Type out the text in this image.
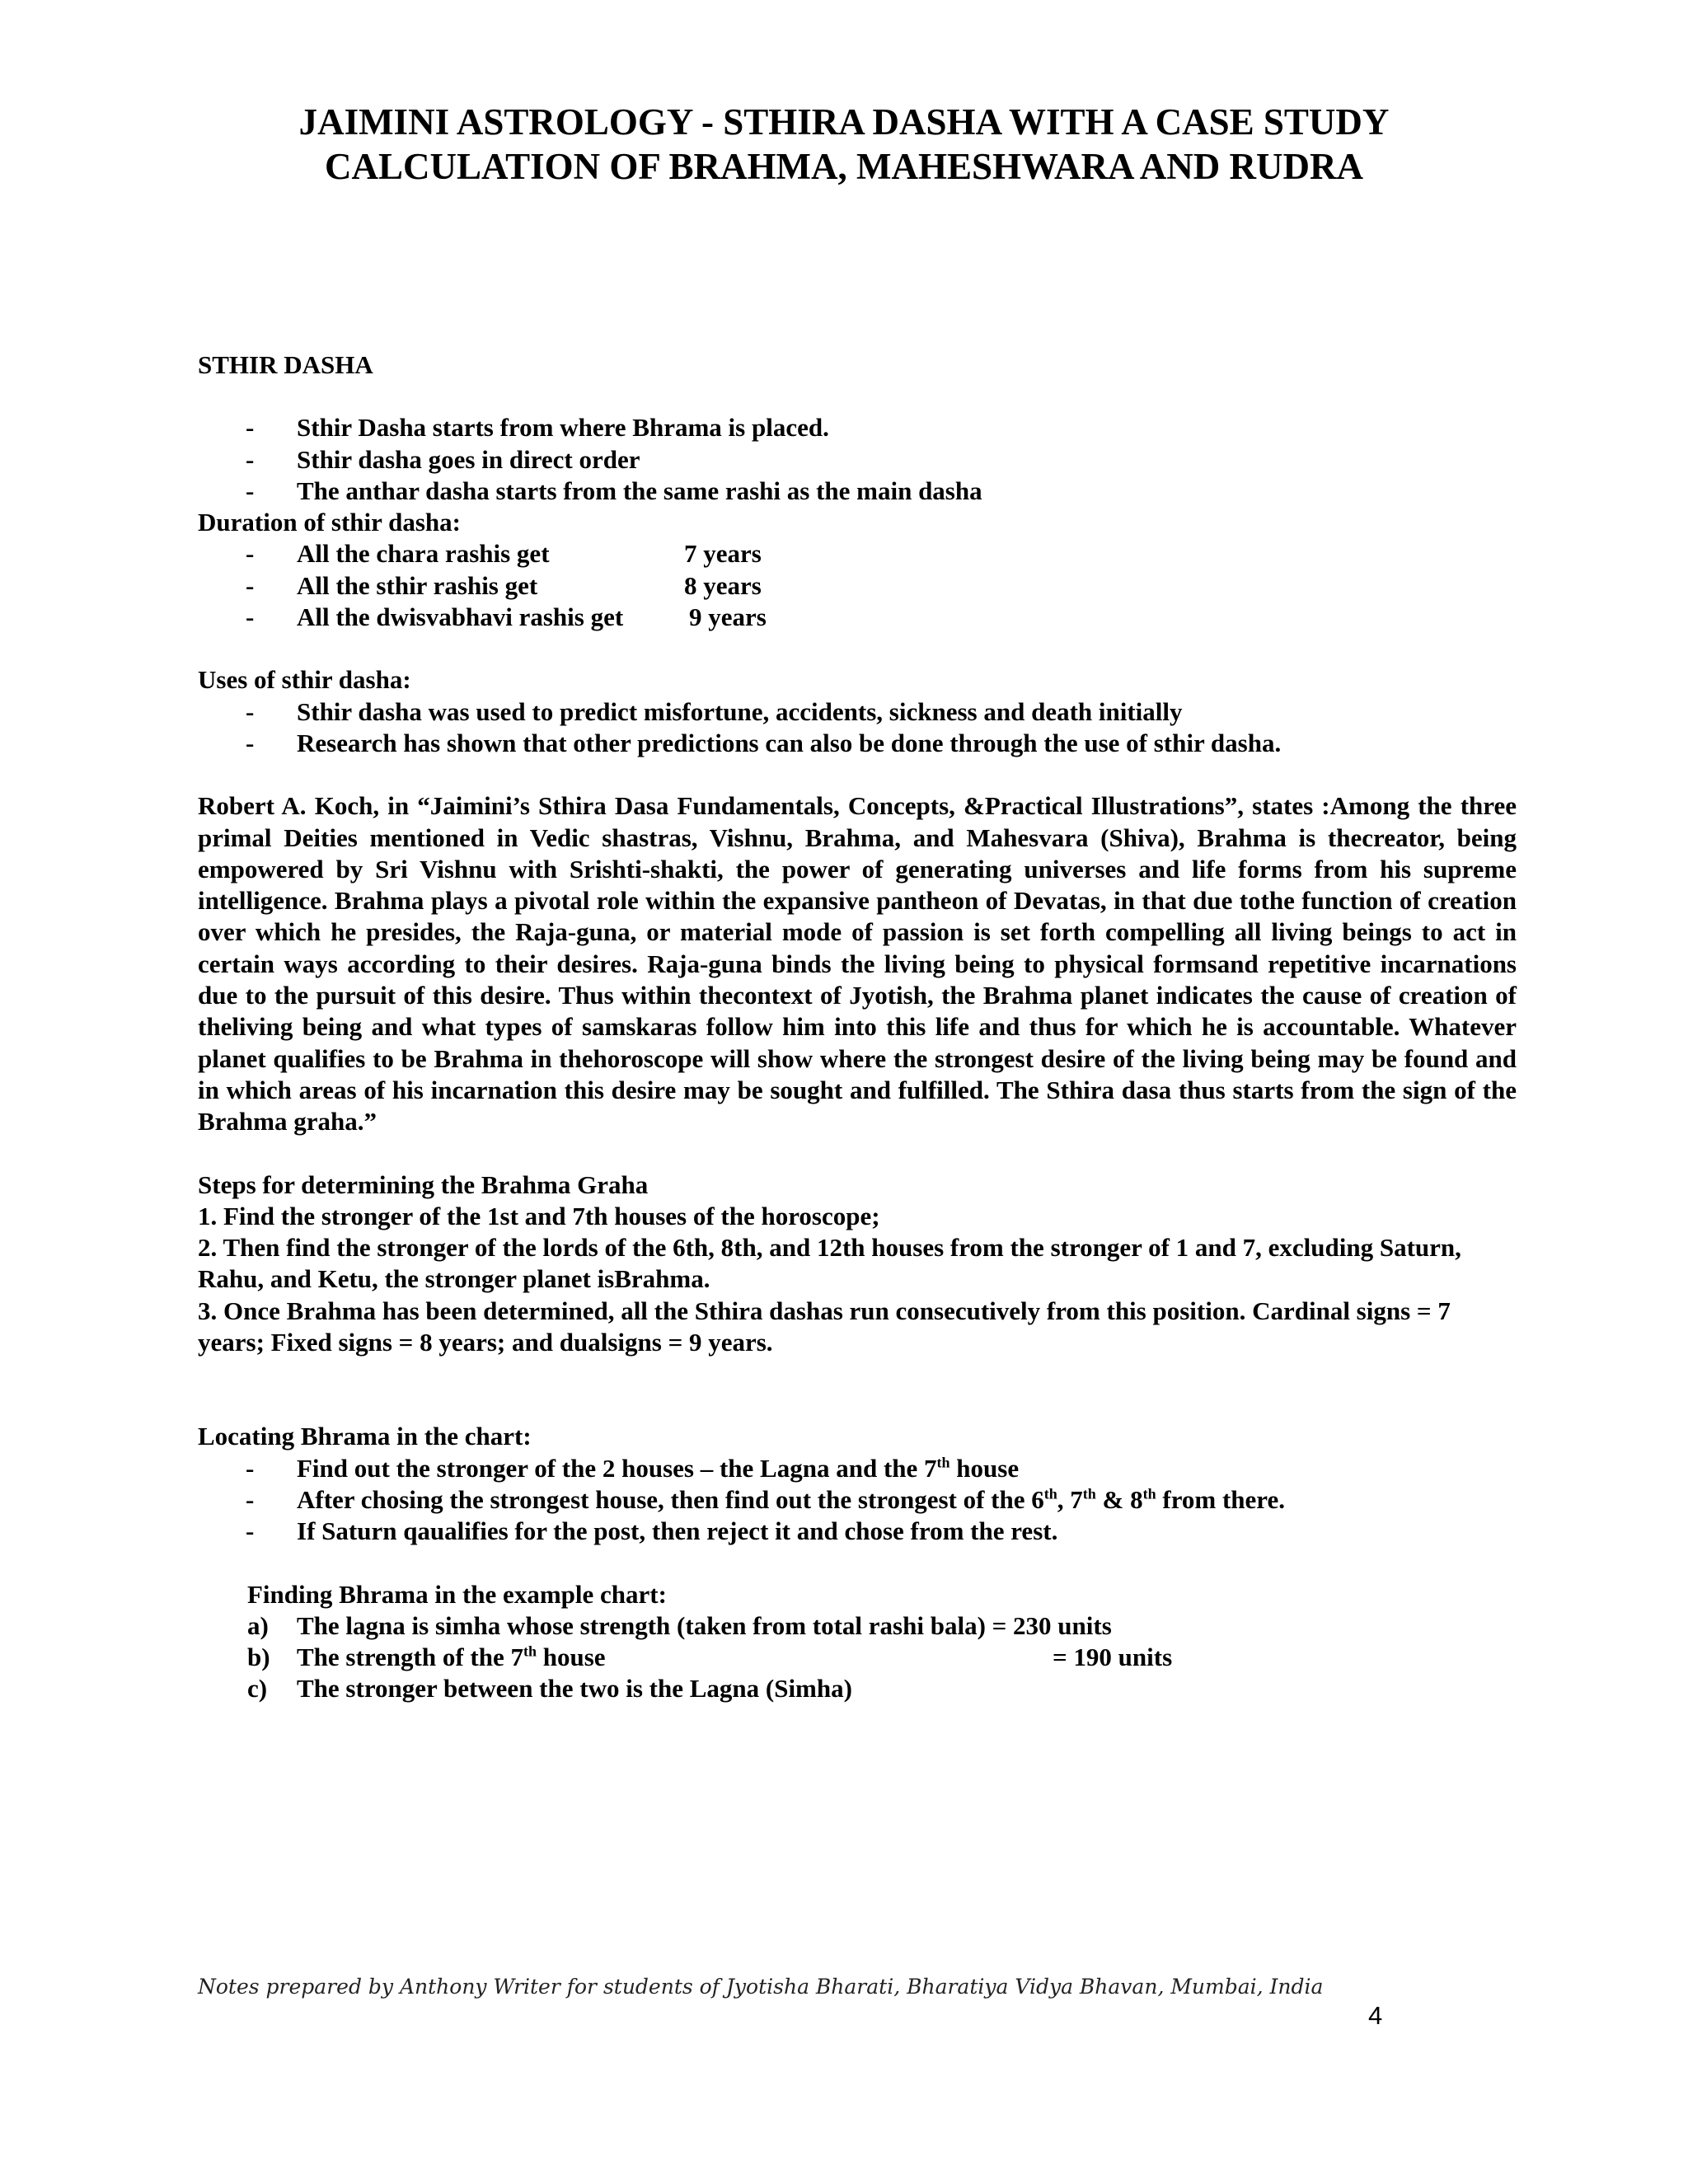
JAIMINI ASTROLOGY - STHIRA DASHA WITH A CASE STUDY
CALCULATION OF BRAHMA, MAHESHWARA AND RUDRA

STHIR DASHA

- Sthir Dasha starts from where Bhrama is placed.
- Sthir dasha goes in direct order
- The anthar dasha starts from the same rashi as the main dasha

Duration of sthir dasha:

- All the chara rashis get	7 years
- All the sthir rashis get	8 years
- All the dwisvabhavi rashis get	9 years

Uses of sthir dasha:

- Sthir dasha was used to predict misfortune, accidents, sickness and death initially
- Research has shown that other predictions can also be done through the use of sthir dasha.

Robert A. Koch, in “Jaimini’s Sthira Dasa Fundamentals, Concepts, &Practical Illustrations”, states :Among the three primal Deities mentioned in Vedic shastras, Vishnu, Brahma, and Mahesvara (Shiva), Brahma is thecreator, being empowered by Sri Vishnu with Srishti-shakti, the power of generating universes and life forms from his supreme intelligence. Brahma plays a pivotal role within the expansive pantheon of Devatas, in that due tothe function of creation over which he presides, the Raja-guna, or material mode of passion is set forth compelling all living beings to act in certain ways according to their desires. Raja-guna binds the living being to physical formsand repetitive incarnations due to the pursuit of this desire. Thus within thecontext of Jyotish, the Brahma planet indicates the cause of creation of theliving being and what types of samskaras follow him into this life and thus for which he is accountable. Whatever planet qualifies to be Brahma in thehoroscope will show where the strongest desire of the living being may be found and in which areas of his incarnation this desire may be sought and fulfilled. The Sthira dasa thus starts from the sign of the Brahma graha.”

Steps for determining the Brahma Graha

1. Find the stronger of the 1st and 7th houses of the horoscope;

2. Then find the stronger of the lords of the 6th, 8th, and 12th houses from the stronger of 1 and 7, excluding Saturn, Rahu, and Ketu, the stronger planet isBrahma.

3. Once Brahma has been determined, all the Sthira dashas run consecutively from this position. Cardinal signs = 7 years; Fixed signs = 8 years; and dualsigns = 9 years.

Locating Bhrama in the chart:

- Find out the stronger of the 2 houses – the Lagna and the 7th house
- After chosing the strongest house, then find out the strongest of the 6th, 7th & 8th from there.
- If Saturn qaualifies for the post, then reject it and chose from the rest.

Finding Bhrama in the example chart:

a) The lagna is simha whose strength (taken from total rashi bala) = 230 units

b) The strength of the 7th house	= 190 units

c) The stronger between the two is the Lagna (Simha)

Notes prepared by Anthony Writer for students of Jyotisha Bharati, Bharatiya Vidya Bhavan, Mumbai, India
4
